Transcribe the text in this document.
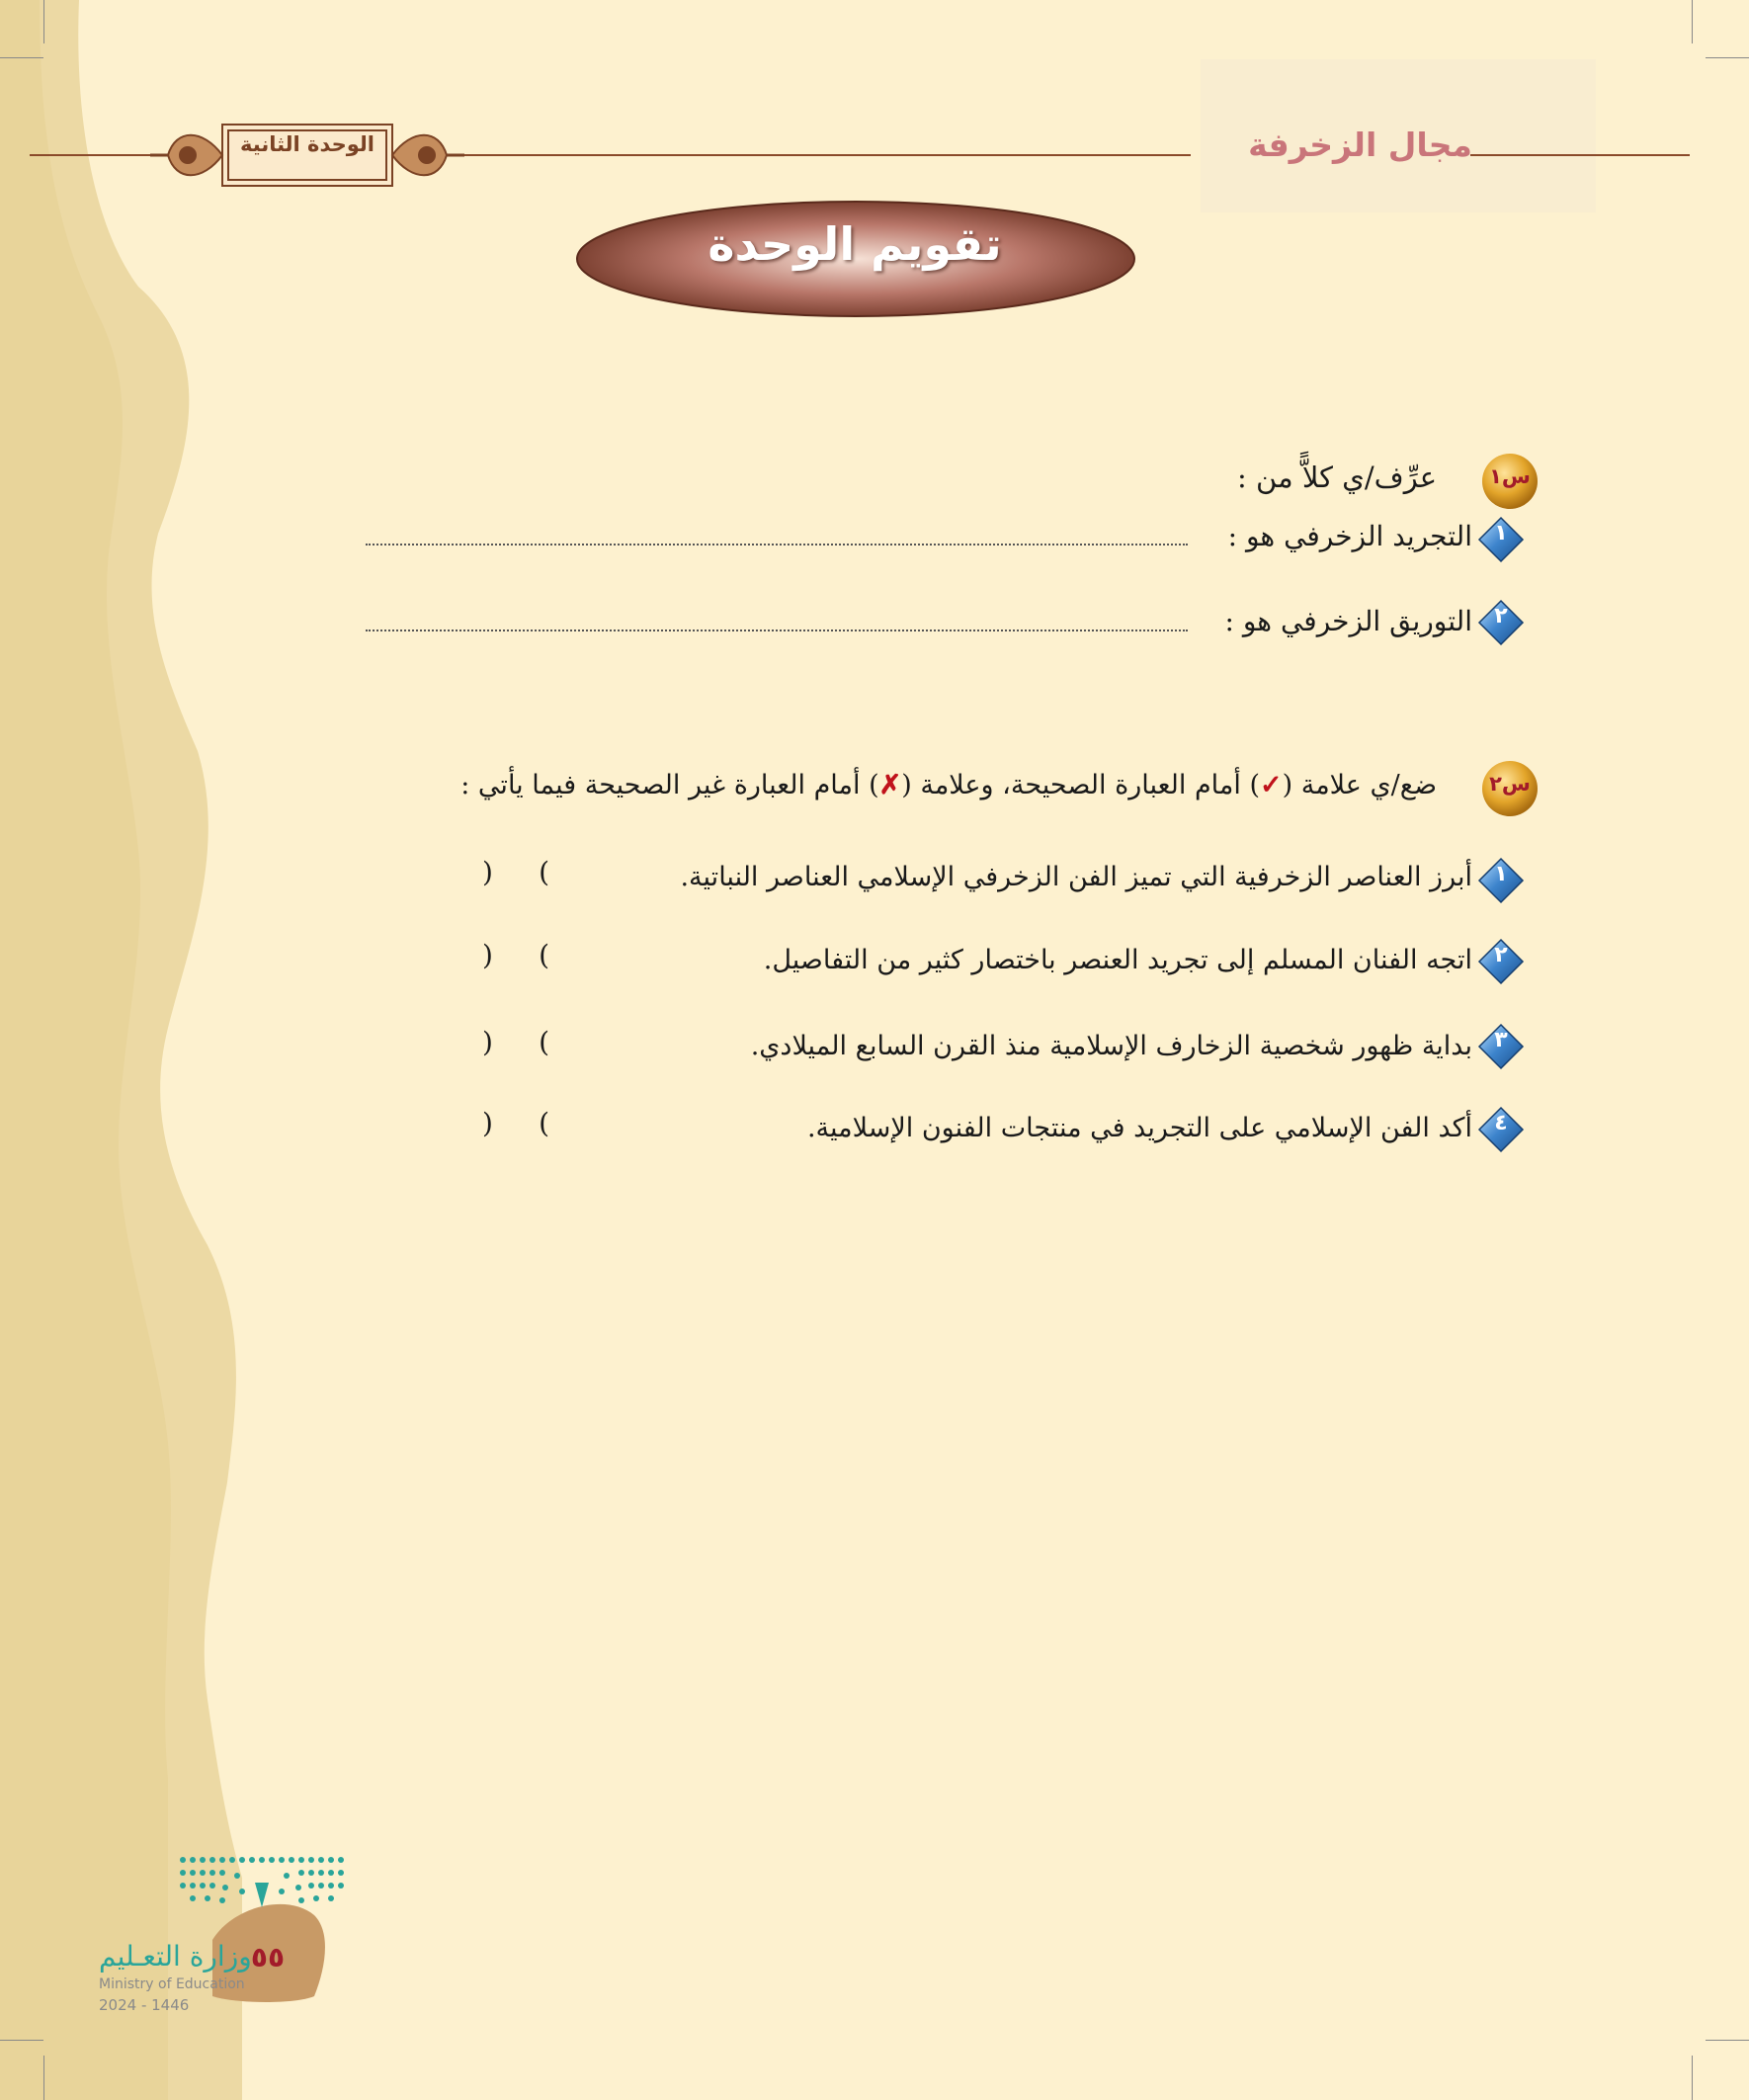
الوحدة الثانية	مجال الزخرفة
تقويم الوحدة
س١
عرِّف/ي كلاًّ من :
١
التجريد الزخرفي هو :
٢
التوريق الزخرفي هو :
س٢
ضع/ي علامة (✓) أمام العبارة الصحيحة، وعلامة (✗) أمام العبارة غير الصحيحة فيما يأتي :
١
أبرز العناصر الزخرفية التي تميز الفن الزخرفي الإسلامي العناصر النباتية.
) (
٢
اتجه الفنان المسلم إلى تجريد العنصر باختصار كثير من التفاصيل.
) (
٣
بداية ظهور شخصية الزخارف الإسلامية منذ القرن السابع الميلادي.
) (
٤
أكد الفن الإسلامي على التجريد في منتجات الفنون الإسلامية.
) (
وزارة التعـليم
Ministry of Education
2024 - 1446
٥٥
